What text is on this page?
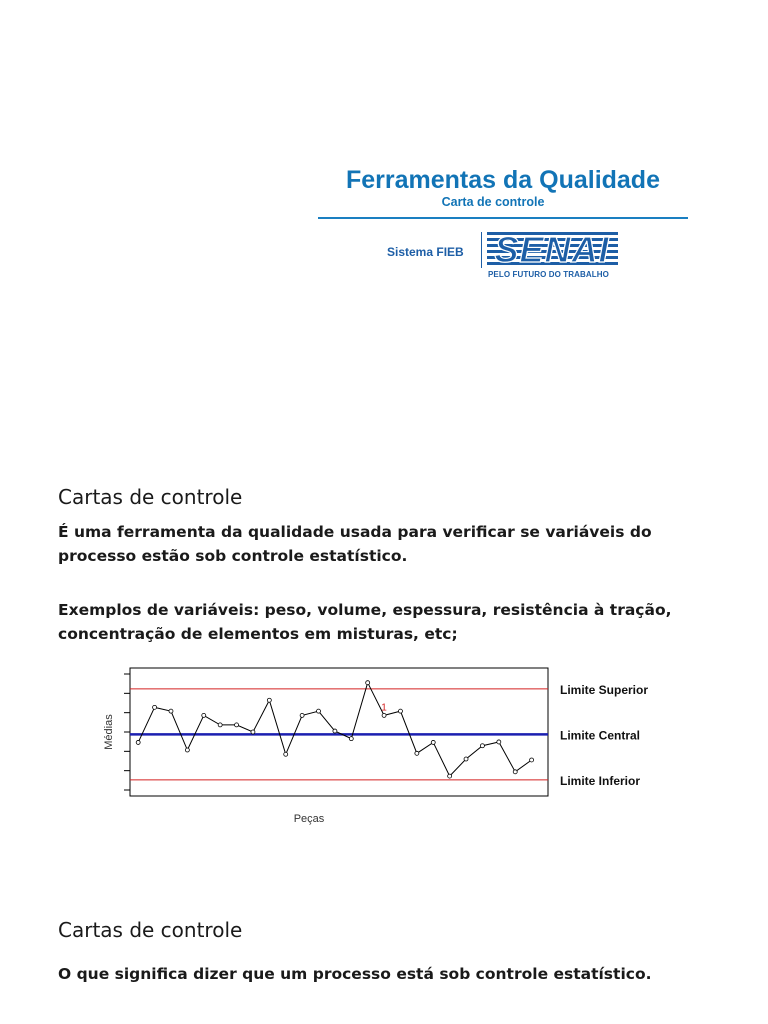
Ferramentas da Qualidade
Carta de controle
Sistema FIEB SENAI
PELO FUTURO DO TRABALHO
Cartas de controle
É uma ferramenta da qualidade usada para verificar se variáveis do processo estão sob controle estatístico.
Exemplos de variáveis: peso, volume, espessura, resistência à tração, concentração de elementos em misturas, etc;
1
Médias
Peças
Limite Superior
Limite Central
Limite Inferior
Cartas de controle
O que significa dizer que um processo está sob controle estatístico.
